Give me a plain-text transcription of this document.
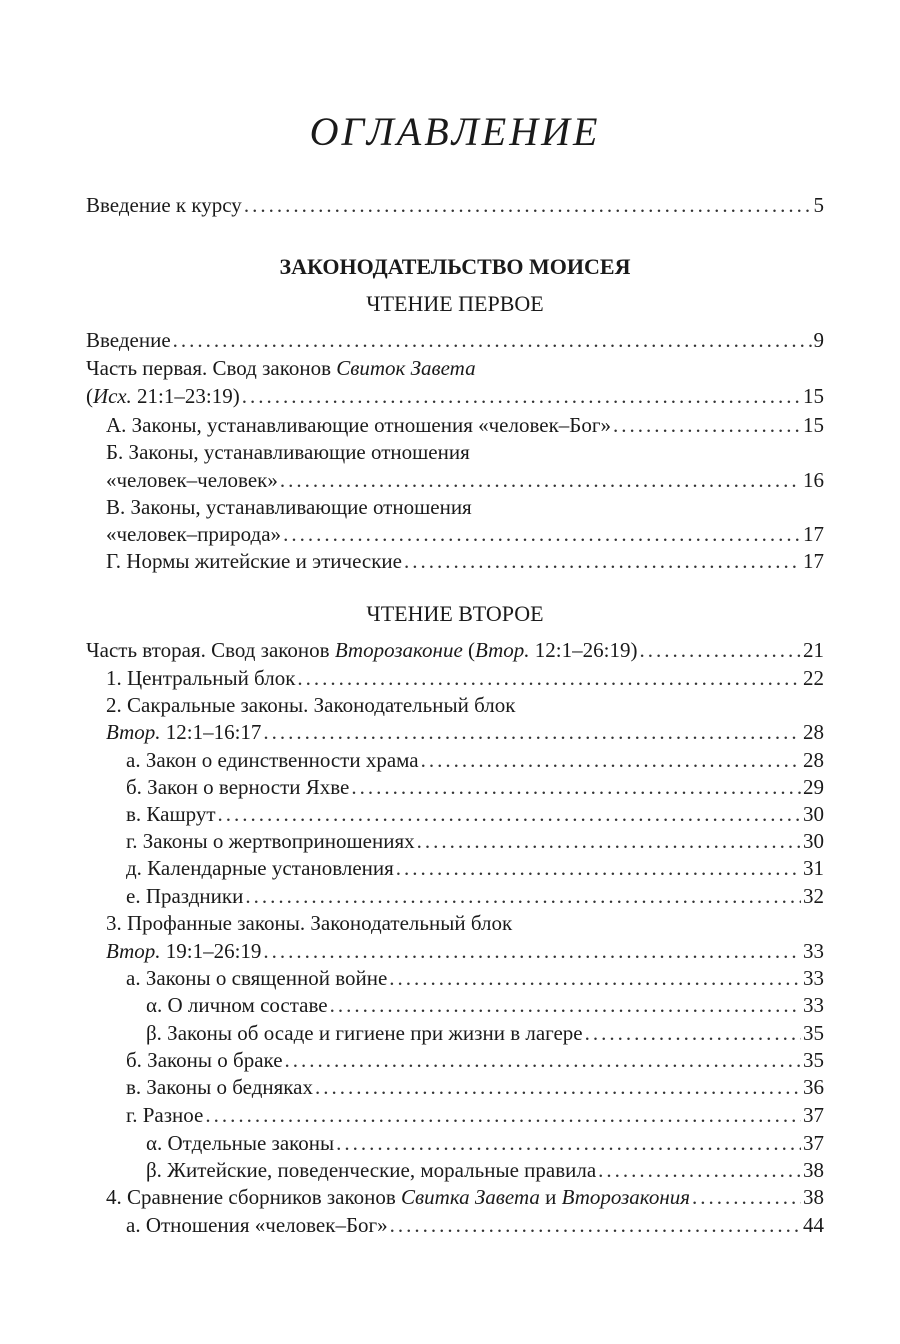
ОГЛАВЛЕНИЕ
Введение к курсу .....	5
ЗАКОНОДАТЕЛЬСТВО МОИСЕЯ
ЧТЕНИЕ ПЕРВОЕ
Введение .....	9
Часть первая. Свод законов Свиток Завета
(Исх. 21:1–23:19) .....	15
А. Законы, устанавливающие отношения «человек–Бог» .....	15
Б. Законы, устанавливающие отношения
«человек–человек» .....	16
В. Законы, устанавливающие отношения
«человек–природа» .....	17
Г. Нормы житейские и этические .....	17
ЧТЕНИЕ ВТОРОЕ
Часть вторая. Свод законов Второзаконие (Втор. 12:1–26:19) .....	21
1. Центральный блок .....	22
2. Сакральные законы. Законодательный блок
Втор. 12:1–16:17 .....	28
а. Закон о единственности храма .....	28
б. Закон о верности Яхве .....	29
в. Кашрут .....	30
г. Законы о жертвоприношениях .....	30
д. Календарные установления .....	31
е. Праздники .....	32
3. Профанные законы. Законодательный блок
Втор. 19:1–26:19 .....	33
а. Законы о священной войне .....	33
α. О личном составе .....	33
β. Законы об осаде и гигиене при жизни в лагере .....	35
б. Законы о браке .....	35
в. Законы о бедняках .....	36
г. Разное .....	37
α. Отдельные законы .....	37
β. Житейские, поведенческие, моральные правила .....	38
4. Сравнение сборников законов Свитка Завета и Второзакония .....	38
а. Отношения «человек–Бог» .....	44
